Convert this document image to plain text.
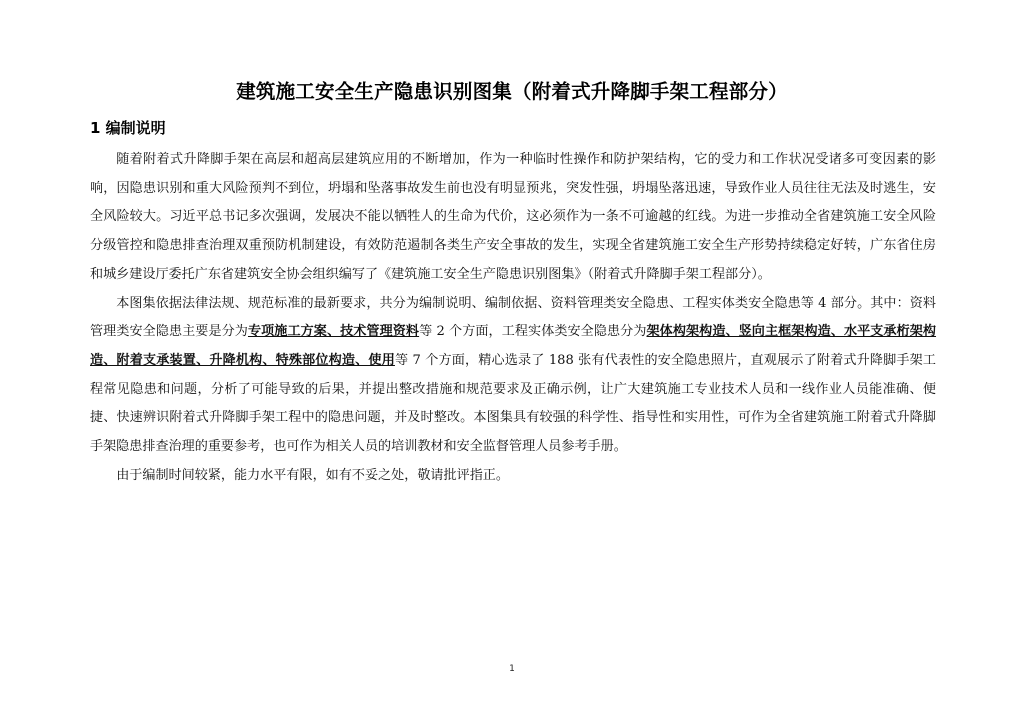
建筑施工安全生产隐患识别图集（附着式升降脚手架工程部分）
1 编制说明

随着附着式升降脚手架在高层和超高层建筑应用的不断增加，作为一种临时性操作和防护架结构，它的受力和工作状况受诸多可变因素的影响，因隐患识别和重大风险预判不到位，坍塌和坠落事故发生前也没有明显预兆，突发性强，坍塌坠落迅速，导致作业人员往往无法及时逃生，安全风险较大。习近平总书记多次强调，发展决不能以牺牲人的生命为代价，这必须作为一条不可逾越的红线。为进一步推动全省建筑施工安全风险分级管控和隐患排查治理双重预防机制建设，有效防范遏制各类生产安全事故的发生，实现全省建筑施工安全生产形势持续稳定好转，广东省住房和城乡建设厅委托广东省建筑安全协会组织编写了《建筑施工安全生产隐患识别图集》（附着式升降脚手架工程部分）。

本图集依据法律法规、规范标准的最新要求，共分为编制说明、编制依据、资料管理类安全隐患、工程实体类安全隐患等 4 部分。其中：资料管理类安全隐患主要是分为专项施工方案、技术管理资料等 2 个方面，工程实体类安全隐患分为架体构架构造、竖向主框架构造、水平支承桁架构造、附着支承装置、升降机构、特殊部位构造、使用等 7 个方面，精心选录了 188 张有代表性的安全隐患照片，直观展示了附着式升降脚手架工程常见隐患和问题，分析了可能导致的后果，并提出整改措施和规范要求及正确示例，让广大建筑施工专业技术人员和一线作业人员能准确、便捷、快速辨识附着式升降脚手架工程中的隐患问题，并及时整改。本图集具有较强的科学性、指导性和实用性，可作为全省建筑施工附着式升降脚手架隐患排查治理的重要参考，也可作为相关人员的培训教材和安全监督管理人员参考手册。

由于编制时间较紧，能力水平有限，如有不妥之处，敬请批评指正。

1
